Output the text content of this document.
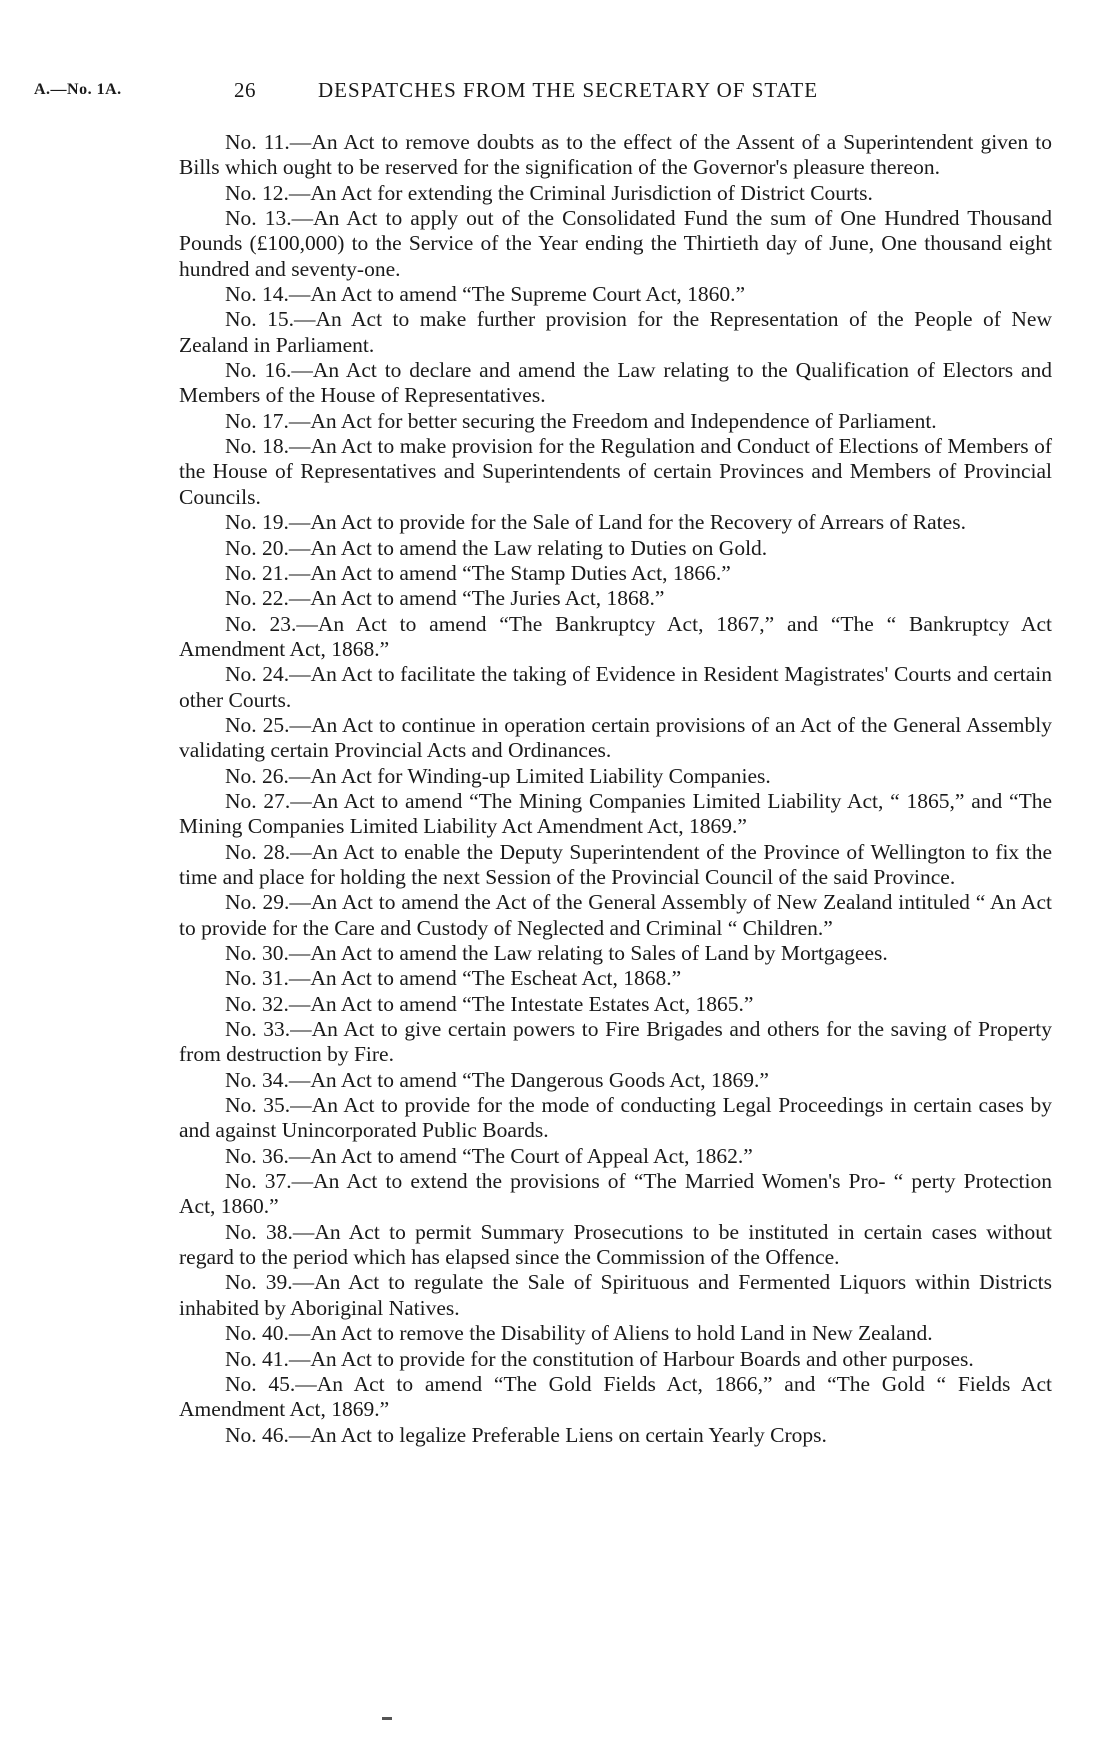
A.—No. 1A.	26	DESPATCHES FROM THE SECRETARY OF STATE

No. 11.—An Act to remove doubts as to the effect of the Assent of a Superintendent given to Bills which ought to be reserved for the signification of the Governor's pleasure thereon.

No. 12.—An Act for extending the Criminal Jurisdiction of District Courts.

No. 13.—An Act to apply out of the Consolidated Fund the sum of One Hundred Thousand Pounds (£100,000) to the Service of the Year ending the Thirtieth day of June, One thousand eight hundred and seventy-one.

No. 14.—An Act to amend “The Supreme Court Act, 1860.”

No. 15.—An Act to make further provision for the Representation of the People of New Zealand in Parliament.

No. 16.—An Act to declare and amend the Law relating to the Qualification of Electors and Members of the House of Representatives.

No. 17.—An Act for better securing the Freedom and Independence of Parliament.

No. 18.—An Act to make provision for the Regulation and Conduct of Elections of Members of the House of Representatives and Superintendents of certain Provinces and Members of Provincial Councils.

No. 19.—An Act to provide for the Sale of Land for the Recovery of Arrears of Rates.

No. 20.—An Act to amend the Law relating to Duties on Gold.

No. 21.—An Act to amend “The Stamp Duties Act, 1866.”

No. 22.—An Act to amend “The Juries Act, 1868.”

No. 23.—An Act to amend “The Bankruptcy Act, 1867,” and “The “ Bankruptcy Act Amendment Act, 1868.”

No. 24.—An Act to facilitate the taking of Evidence in Resident Magistrates' Courts and certain other Courts.

No. 25.—An Act to continue in operation certain provisions of an Act of the General Assembly validating certain Provincial Acts and Ordinances.

No. 26.—An Act for Winding-up Limited Liability Companies.

No. 27.—An Act to amend “The Mining Companies Limited Liability Act, “ 1865,” and “The Mining Companies Limited Liability Act Amendment Act, 1869.”

No. 28.—An Act to enable the Deputy Superintendent of the Province of Wellington to fix the time and place for holding the next Session of the Provincial Council of the said Province.

No. 29.—An Act to amend the Act of the General Assembly of New Zealand intituled “ An Act to provide for the Care and Custody of Neglected and Criminal “ Children.”

No. 30.—An Act to amend the Law relating to Sales of Land by Mortgagees.

No. 31.—An Act to amend “The Escheat Act, 1868.”

No. 32.—An Act to amend “The Intestate Estates Act, 1865.”

No. 33.—An Act to give certain powers to Fire Brigades and others for the saving of Property from destruction by Fire.

No. 34.—An Act to amend “The Dangerous Goods Act, 1869.”

No. 35.—An Act to provide for the mode of conducting Legal Proceedings in certain cases by and against Unincorporated Public Boards.

No. 36.—An Act to amend “The Court of Appeal Act, 1862.”

No. 37.—An Act to extend the provisions of “The Married Women's Pro- “ perty Protection Act, 1860.”

No. 38.—An Act to permit Summary Prosecutions to be instituted in certain cases without regard to the period which has elapsed since the Commission of the Offence.

No. 39.—An Act to regulate the Sale of Spirituous and Fermented Liquors within Districts inhabited by Aboriginal Natives.

No. 40.—An Act to remove the Disability of Aliens to hold Land in New Zealand.

No. 41.—An Act to provide for the constitution of Harbour Boards and other purposes.

No. 45.—An Act to amend “The Gold Fields Act, 1866,” and “The Gold “ Fields Act Amendment Act, 1869.”

No. 46.—An Act to legalize Preferable Liens on certain Yearly Crops.
